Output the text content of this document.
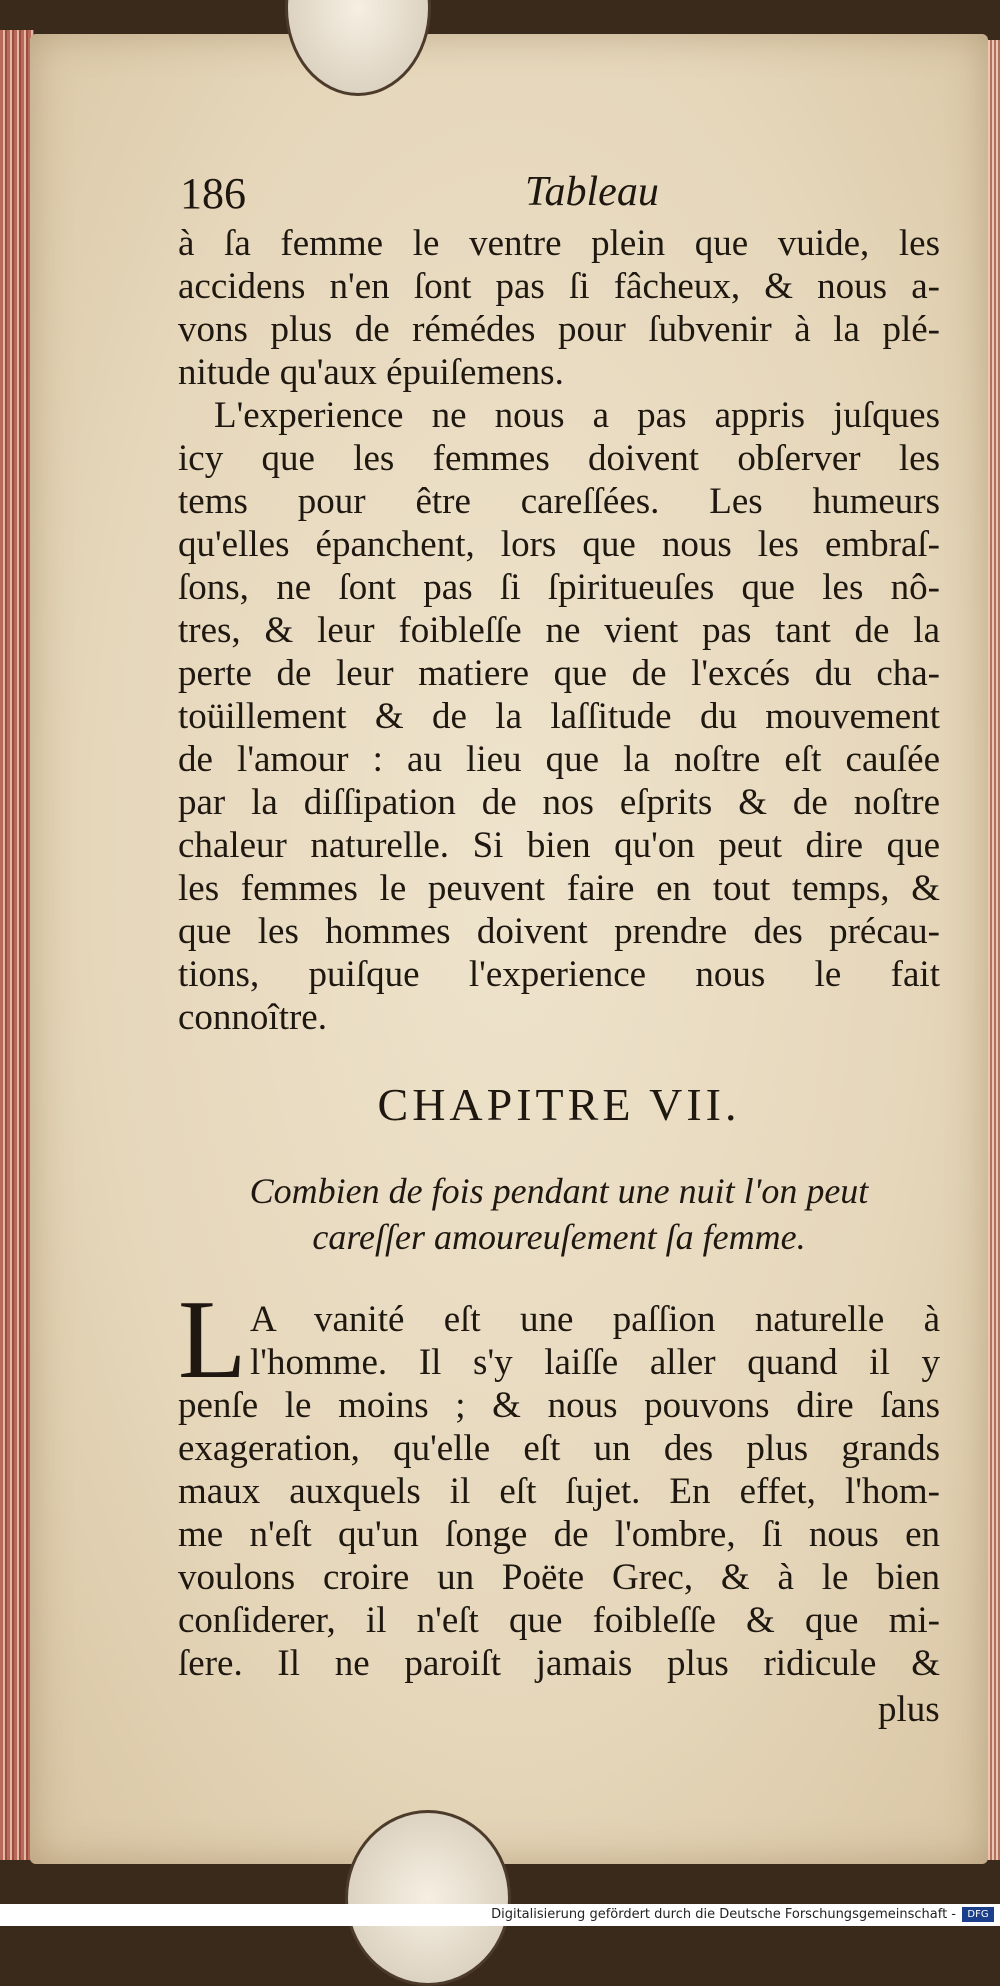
186	Tableau
à ſa femme le ventre plein que vuide, les
accidens n'en ſont pas ſi fâcheux, & nous a-
vons plus de rémédes pour ſubvenir à la plé-
nitude qu'aux épuiſemens.
L'experience ne nous a pas appris juſques
icy que les femmes doivent obſerver les
tems pour être careſſées. Les humeurs
qu'elles épanchent, lors que nous les embraſ-
ſons, ne ſont pas ſi ſpiritueuſes que les nô-
tres, & leur foibleſſe ne vient pas tant de la
perte de leur matiere que de l'excés du cha-
toüillement & de la laſſitude du mouvement
de l'amour : au lieu que la noſtre eſt cauſée
par la diſſipation de nos eſprits & de noſtre
chaleur naturelle. Si bien qu'on peut dire que
les femmes le peuvent faire en tout temps, &
que les hommes doivent prendre des précau-
tions, puiſque l'experience nous le fait
connoître.
CHAPITRE VII.
Combien de fois pendant une nuit l'on peut
careſſer amoureuſement ſa femme.
L A vanité eſt une paſſion naturelle à
l'homme. Il s'y laiſſe aller quand il y
penſe le moins ; & nous pouvons dire ſans
exageration, qu'elle eſt un des plus grands
maux auxquels il eſt ſujet. En effet, l'hom-
me n'eſt qu'un ſonge de l'ombre, ſi nous en
voulons croire un Poëte Grec, & à le bien
conſiderer, il n'eſt que foibleſſe & que mi-
ſere. Il ne paroiſt jamais plus ridicule &
plus
Digitalisierung gefördert durch die Deutsche Forschungsgemeinschaft -	DFG
